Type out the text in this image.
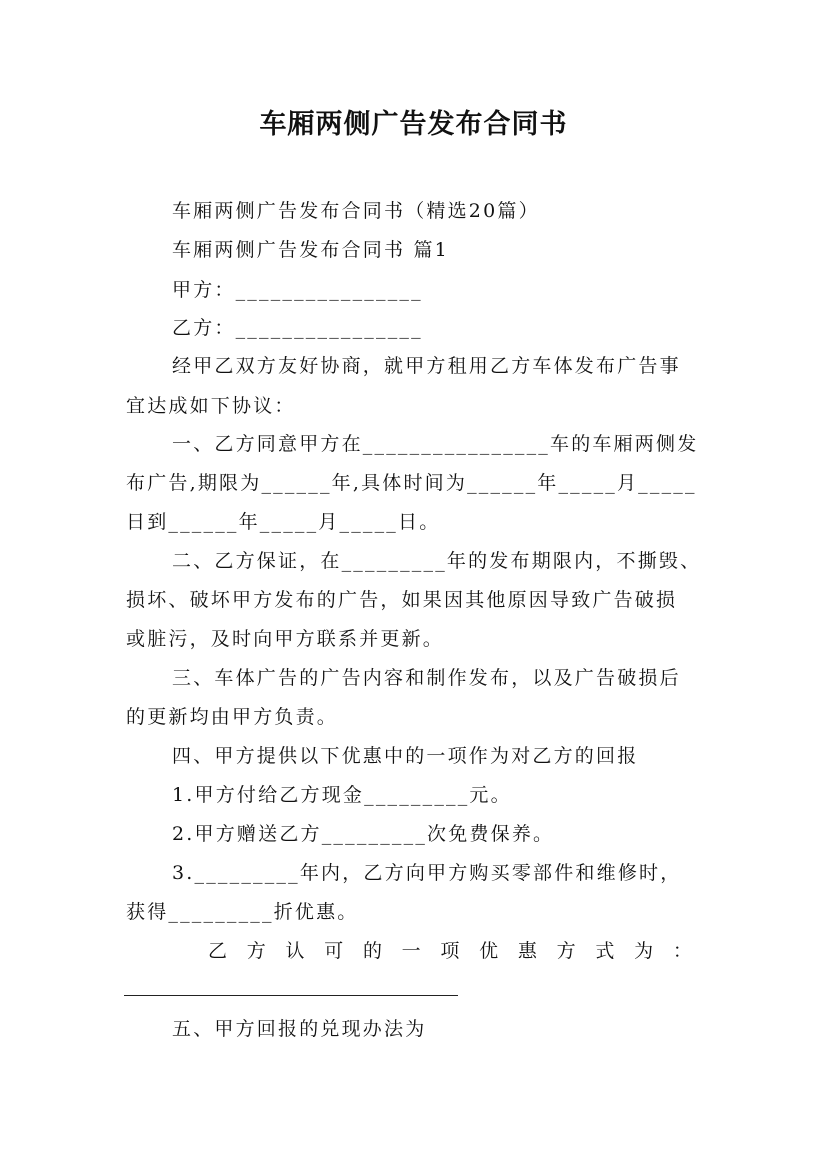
车厢两侧广告发布合同书
车厢两侧广告发布合同书（精选20篇）
车厢两侧广告发布合同书 篇1
甲方：________________
乙方：________________
经甲乙双方友好协商，就甲方租用乙方车体发布广告事
宜达成如下协议：
一、乙方同意甲方在________________车的车厢两侧发
布广告,期限为______年,具体时间为______年_____月_____
日到______年_____月_____日。
二、乙方保证，在_________年的发布期限内，不撕毁、
损坏、破坏甲方发布的广告，如果因其他原因导致广告破损
或脏污，及时向甲方联系并更新。
三、车体广告的广告内容和制作发布，以及广告破损后
的更新均由甲方负责。
四、甲方提供以下优惠中的一项作为对乙方的回报
1.甲方付给乙方现金_________元。
2.甲方赠送乙方_________次免费保养。
3._________年内，乙方向甲方购买零部件和维修时，
获得_________折优惠。
乙 方 认 可 的 一 项 优 惠 方 式 为 ：
五、甲方回报的兑现办法为
